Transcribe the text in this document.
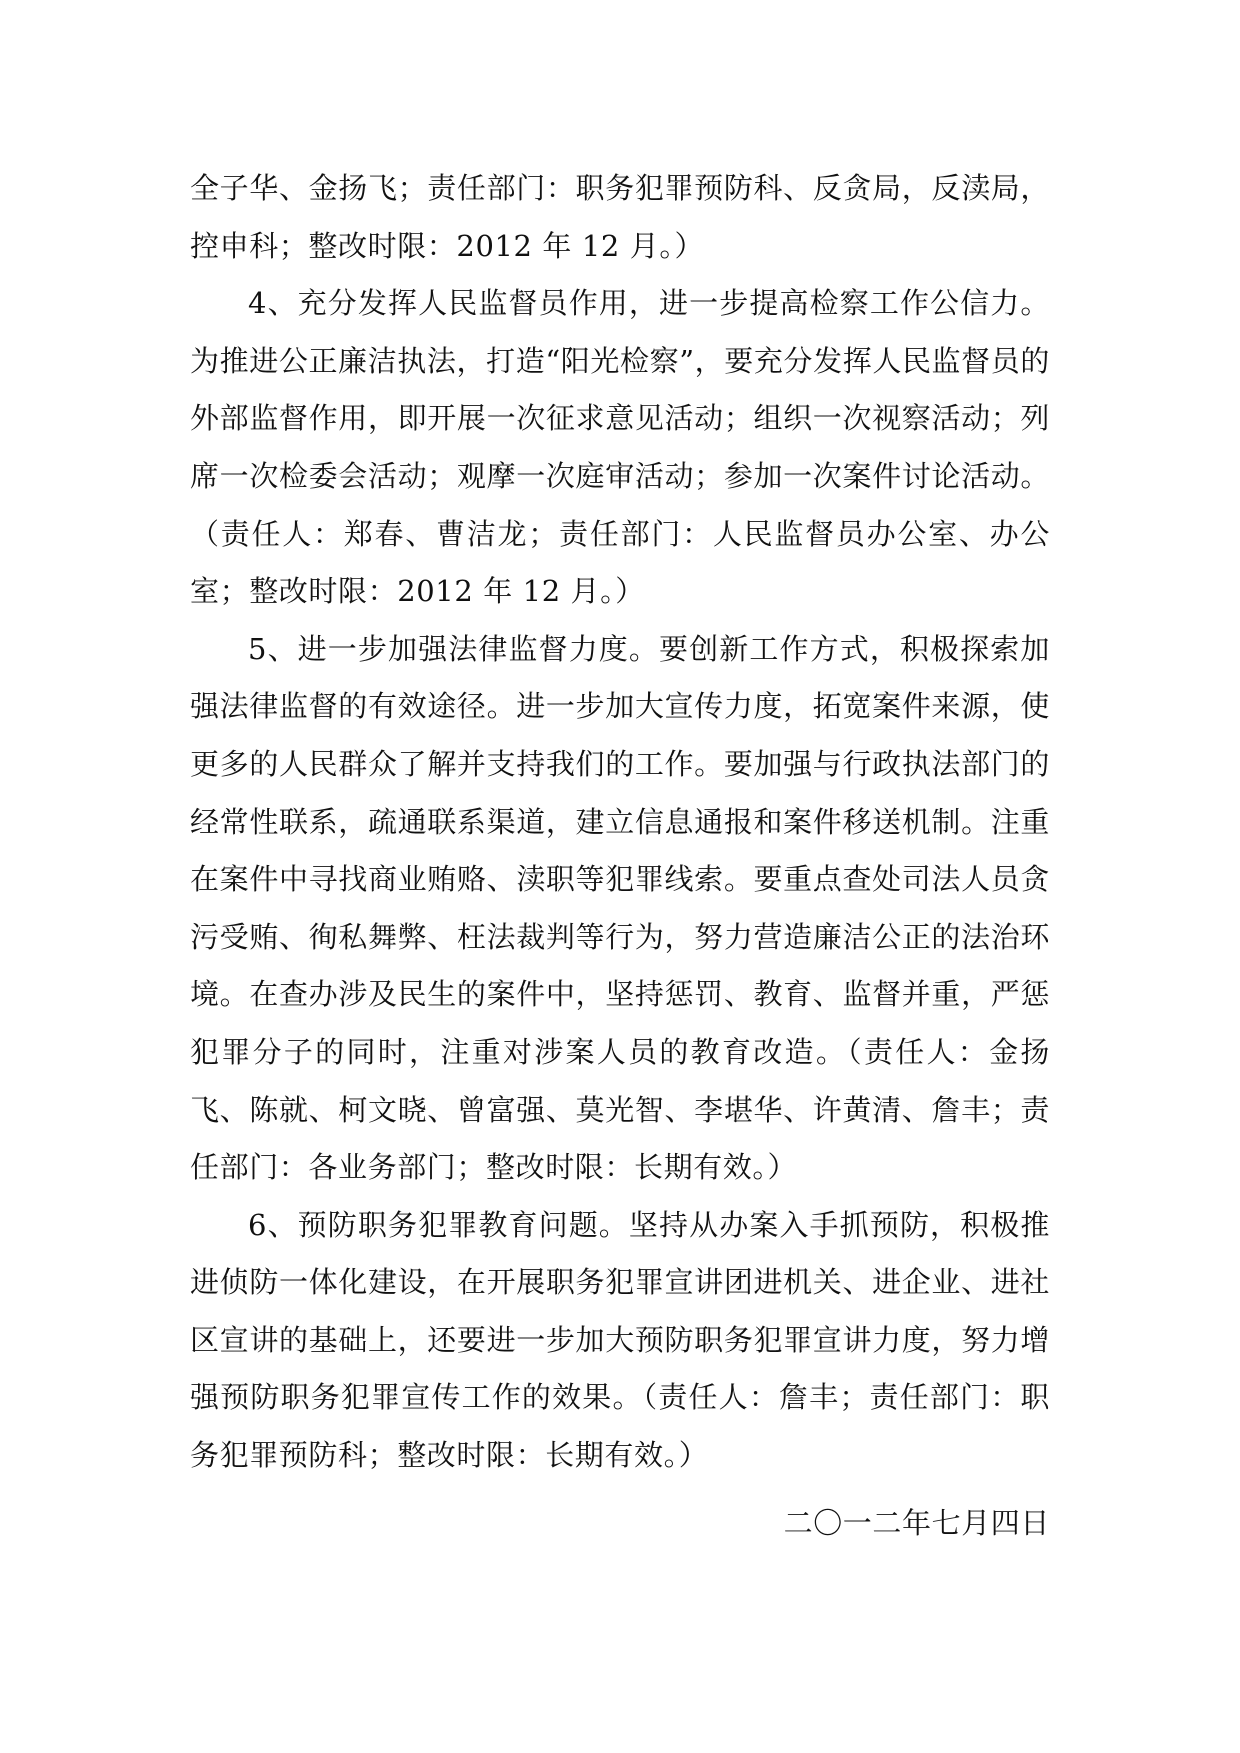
全子华、金扬飞；责任部门：职务犯罪预防科、反贪局，反渎局，控申科；整改时限：2012 年 12 月。）

4、充分发挥人民监督员作用，进一步提高检察工作公信力。为推进公正廉洁执法，打造“阳光检察”，要充分发挥人民监督员的外部监督作用，即开展一次征求意见活动；组织一次视察活动；列席一次检委会活动；观摩一次庭审活动；参加一次案件讨论活动。（责任人：郑春、曹洁龙；责任部门：人民监督员办公室、办公室；整改时限：2012 年 12 月。）

5、进一步加强法律监督力度。要创新工作方式，积极探索加强法律监督的有效途径。进一步加大宣传力度，拓宽案件来源，使更多的人民群众了解并支持我们的工作。要加强与行政执法部门的经常性联系，疏通联系渠道，建立信息通报和案件移送机制。注重在案件中寻找商业贿赂、渎职等犯罪线索。要重点查处司法人员贪污受贿、徇私舞弊、枉法裁判等行为，努力营造廉洁公正的法治环境。在查办涉及民生的案件中，坚持惩罚、教育、监督并重，严惩犯罪分子的同时，注重对涉案人员的教育改造。（责任人：金扬飞、陈就、柯文晓、曾富强、莫光智、李堪华、许黄清、詹丰；责任部门：各业务部门；整改时限：长期有效。）

6、预防职务犯罪教育问题。坚持从办案入手抓预防，积极推进侦防一体化建设，在开展职务犯罪宣讲团进机关、进企业、进社区宣讲的基础上，还要进一步加大预防职务犯罪宣讲力度，努力增强预防职务犯罪宣传工作的效果。（责任人：詹丰；责任部门：职务犯罪预防科；整改时限：长期有效。）

二〇一二年七月四日
